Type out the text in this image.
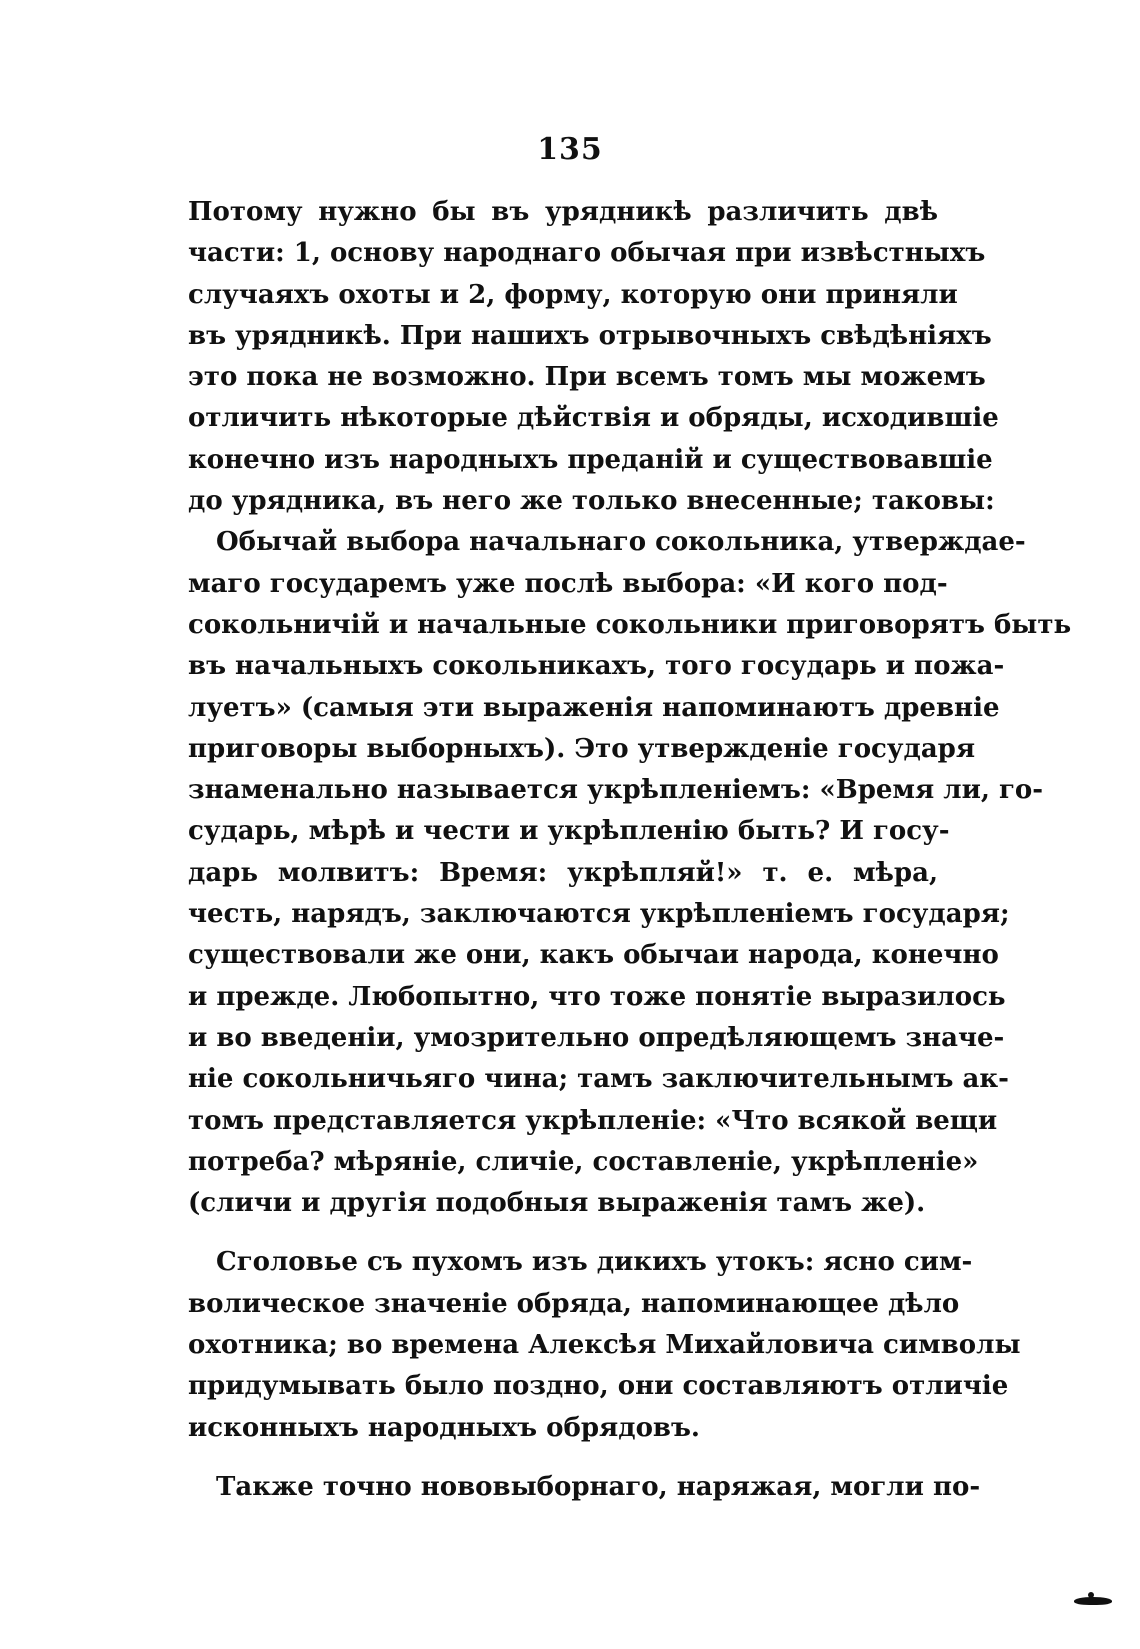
135
Потому нужно бы въ урядникѣ различить двѣ
части: 1, основу народнаго обычая при извѣстныхъ
случаяхъ охоты и 2, форму, которую они приняли
въ урядникѣ. При нашихъ отрывочныхъ свѣдѣніяхъ
это пока не возможно. При всемъ томъ мы можемъ
отличить нѣкоторые дѣйствія и обряды, исходившіе
конечно изъ народныхъ преданій и существовавшіе
до урядника, въ него же только внесенные; таковы:
Обычай выбора начальнаго сокольника, утверждае-
маго государемъ уже послѣ выбора: «И кого под-
сокольничій и начальные сокольники приговорятъ быть
въ начальныхъ сокольникахъ, того государь и пожа-
луетъ» (самыя эти выраженія напоминаютъ древніе
приговоры выборныхъ). Это утвержденіе государя
знаменально называется укрѣпленіемъ: «Время ли, го-
сударь, мѣрѣ и чести и укрѣпленію быть? И госу-
дарь молвитъ: Время: укрѣпляй!» т. е. мѣра,
честь, нарядъ, заключаются укрѣпленіемъ государя;
существовали же они, какъ обычаи народа, конечно
и прежде. Любопытно, что тоже понятіе выразилось
и во введеніи, умозрительно опредѣляющемъ значе-
ніе сокольничьяго чина; тамъ заключительнымъ ак-
томъ представляется укрѣпленіе: «Что всякой вещи
потреба? мѣряніе, сличіе, составленіе, укрѣпленіе»
(сличи и другія подобныя выраженія тамъ же).
Сголовье съ пухомъ изъ дикихъ утокъ: ясно сим-
волическое значеніе обряда, напоминающее дѣло
охотника; во времена Алексѣя Михайловича символы
придумывать было поздно, они составляютъ отличіе
исконныхъ народныхъ обрядовъ.
Также точно нововыборнаго, наряжая, могли по-
